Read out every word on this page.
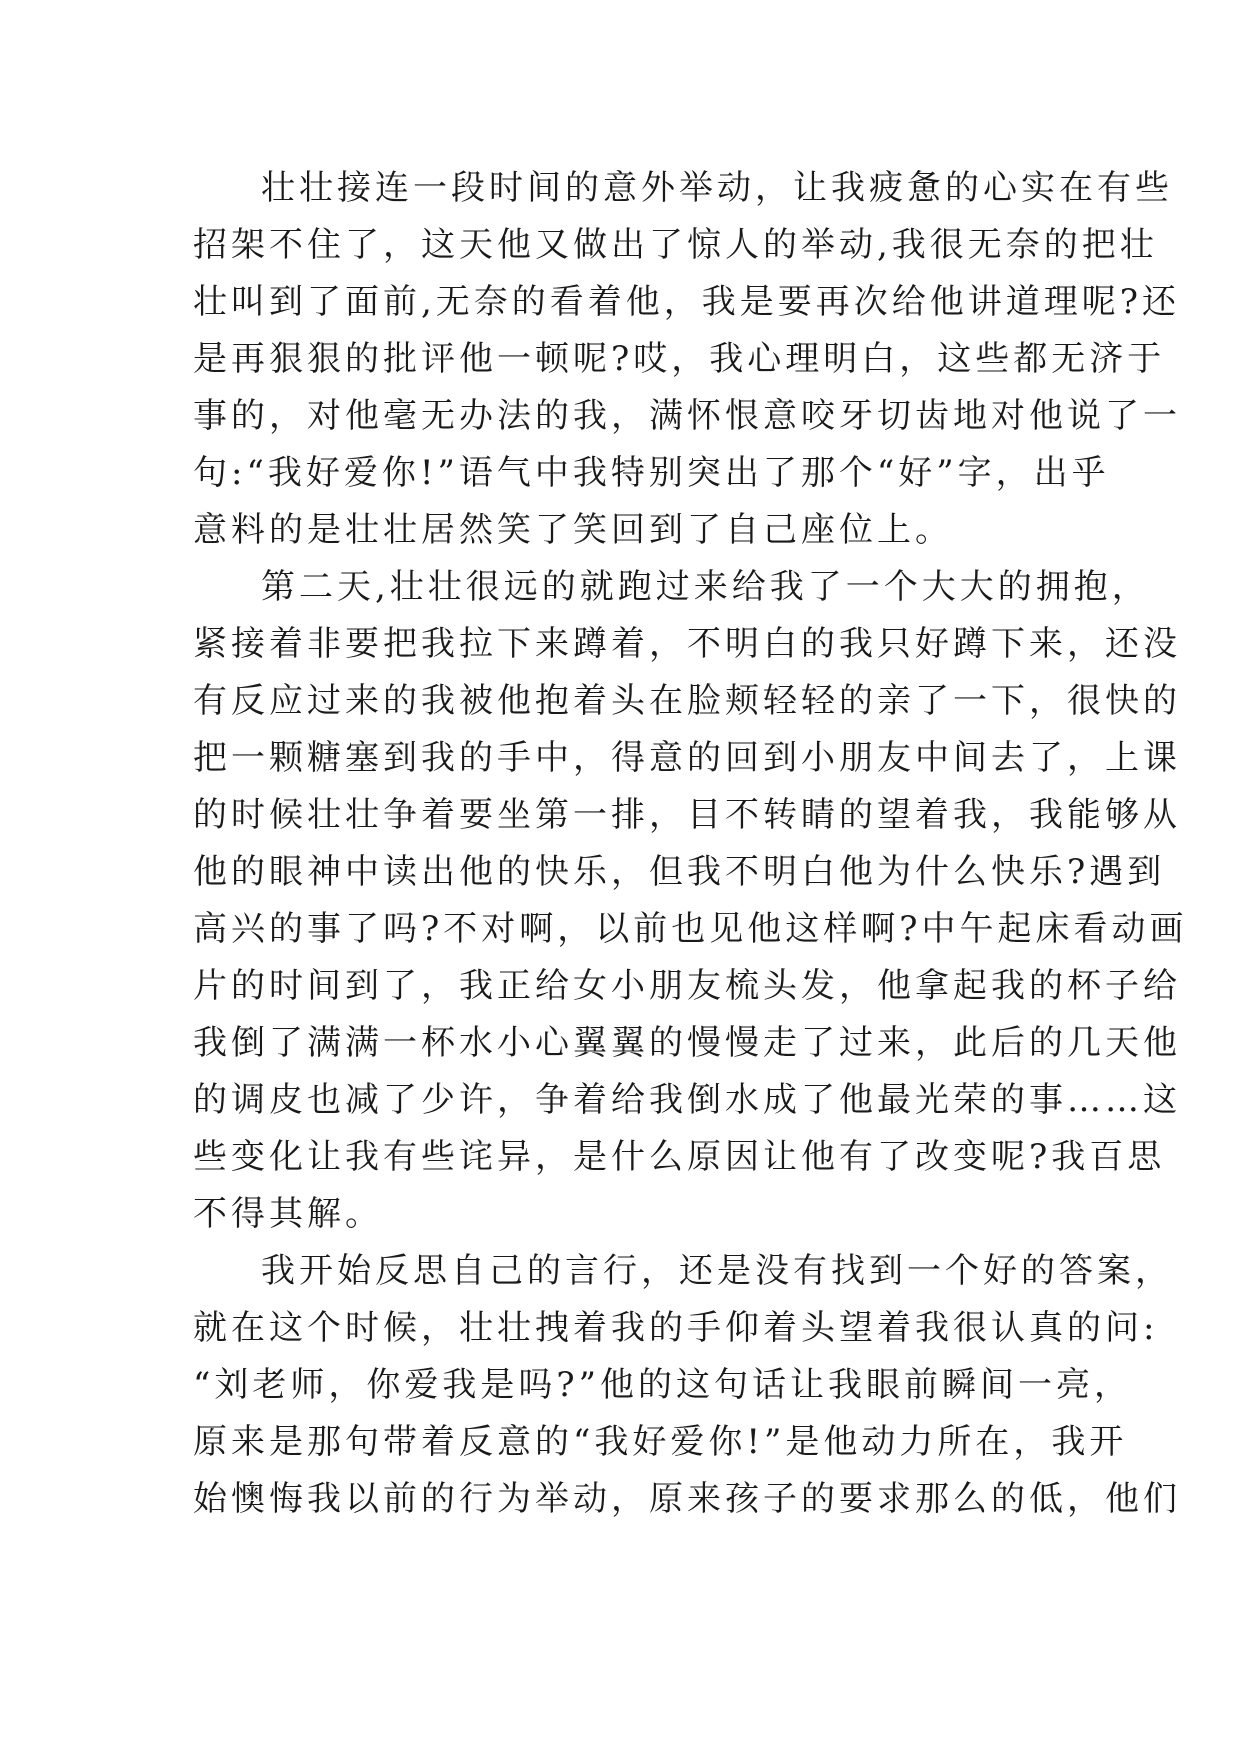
壮壮接连一段时间的意外举动，让我疲惫的心实在有些
招架不住了，这天他又做出了惊人的举动,我很无奈的把壮
壮叫到了面前,无奈的看着他，我是要再次给他讲道理呢?还
是再狠狠的批评他一顿呢?哎，我心理明白，这些都无济于
事的，对他毫无办法的我，满怀恨意咬牙切齿地对他说了一
句:“我好爱你!”语气中我特别突出了那个“好”字，出乎
意料的是壮壮居然笑了笑回到了自己座位上。
第二天,壮壮很远的就跑过来给我了一个大大的拥抱，
紧接着非要把我拉下来蹲着，不明白的我只好蹲下来，还没
有反应过来的我被他抱着头在脸颊轻轻的亲了一下，很快的
把一颗糖塞到我的手中，得意的回到小朋友中间去了，上课
的时候壮壮争着要坐第一排，目不转睛的望着我，我能够从
他的眼神中读出他的快乐，但我不明白他为什么快乐?遇到
高兴的事了吗?不对啊，以前也见他这样啊?中午起床看动画
片的时间到了，我正给女小朋友梳头发，他拿起我的杯子给
我倒了满满一杯水小心翼翼的慢慢走了过来，此后的几天他
的调皮也减了少许，争着给我倒水成了他最光荣的事……这
些变化让我有些诧异，是什么原因让他有了改变呢?我百思
不得其解。
我开始反思自己的言行，还是没有找到一个好的答案，
就在这个时候，壮壮拽着我的手仰着头望着我很认真的问:
“刘老师，你爱我是吗?”他的这句话让我眼前瞬间一亮，
原来是那句带着反意的“我好爱你!”是他动力所在，我开
始懊悔我以前的行为举动，原来孩子的要求那么的低，他们
